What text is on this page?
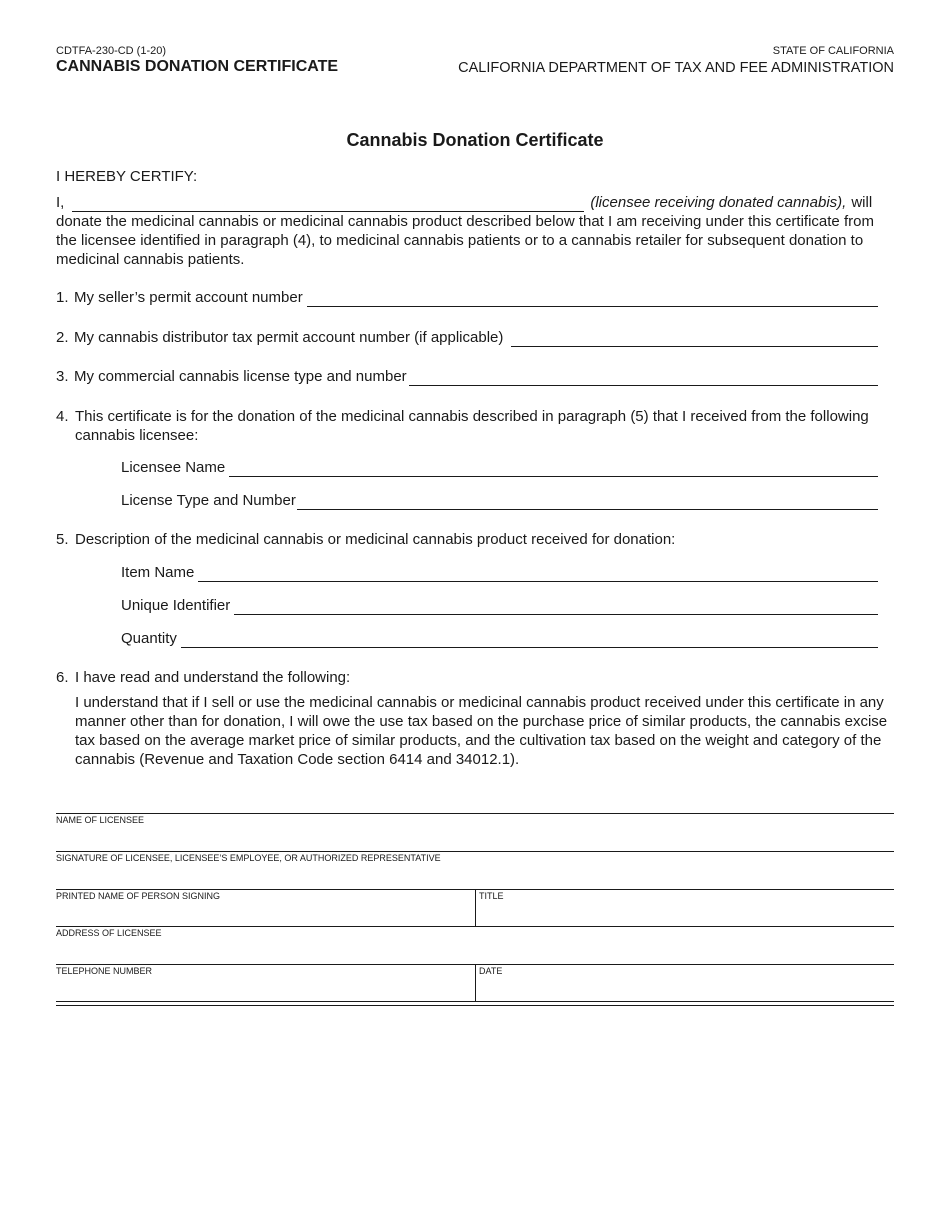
CDTFA-230-CD (1-20)
CANNABIS DONATION CERTIFICATE
STATE OF CALIFORNIA
CALIFORNIA DEPARTMENT OF TAX AND FEE ADMINISTRATION
Cannabis Donation Certificate
I HEREBY CERTIFY:
I,	(licensee receiving donated cannabis), will
donate the medicinal cannabis or medicinal cannabis product described below that I am receiving under this certificate from the licensee identified in paragraph (4), to medicinal cannabis patients or to a cannabis retailer for subsequent donation to medicinal cannabis patients.
1. My seller’s permit account number
2. My cannabis distributor tax permit account number (if applicable)
3. My commercial cannabis license type and number
4. This certificate is for the donation of the medicinal cannabis described in paragraph (5) that I received from the following cannabis licensee:
Licensee Name
License Type and Number
5. Description of the medicinal cannabis or medicinal cannabis product received for donation:
Item Name
Unique Identifier
Quantity
6. I have read and understand the following:
I understand that if I sell or use the medicinal cannabis or medicinal cannabis product received under this certificate in any manner other than for donation, I will owe the use tax based on the purchase price of similar products, the cannabis excise tax based on the average market price of similar products, and the cultivation tax based on the weight and category of the cannabis (Revenue and Taxation Code section 6414 and 34012.1).
NAME OF LICENSEE
SIGNATURE OF LICENSEE, LICENSEE’S EMPLOYEE, OR AUTHORIZED REPRESENTATIVE
PRINTED NAME OF PERSON SIGNING	TITLE
ADDRESS OF LICENSEE
TELEPHONE NUMBER	DATE
